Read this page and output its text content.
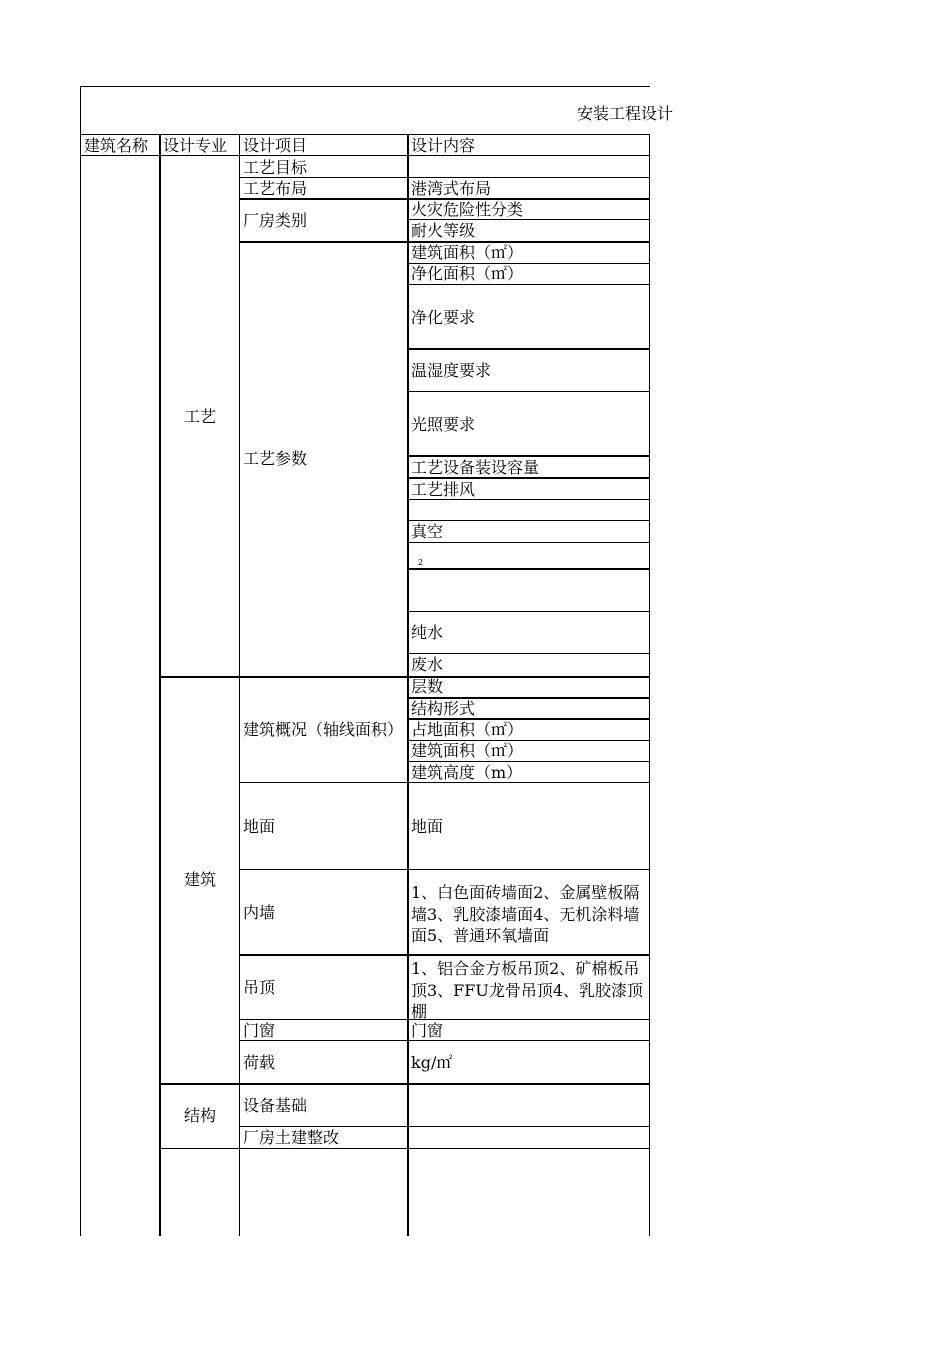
安装工程设计
建筑名称 设计专业 设计项目	设计内容
工艺
建筑
结构
工艺目标
工艺布局
厂房类别
工艺参数
建筑概况（轴线面积）
地面
内墙
吊顶
门窗
荷载
设备基础
厂房土建整改
港湾式布局
火灾危险性分类
耐火等级
建筑面积（㎡）
净化面积（㎡）
净化要求
温湿度要求
光照要求
工艺设备装设容量
工艺排风
真空
2
纯水
废水
层数
结构形式
占地面积（㎡）
建筑面积（㎡）
建筑高度（m）
地面
1、白色面砖墙面2、金属壁板隔墙3、乳胶漆墙面4、无机涂料墙面5、普通环氧墙面
1、铝合金方板吊顶2、矿棉板吊顶3、FFU龙骨吊顶4、乳胶漆顶棚
门窗
kg/㎡
